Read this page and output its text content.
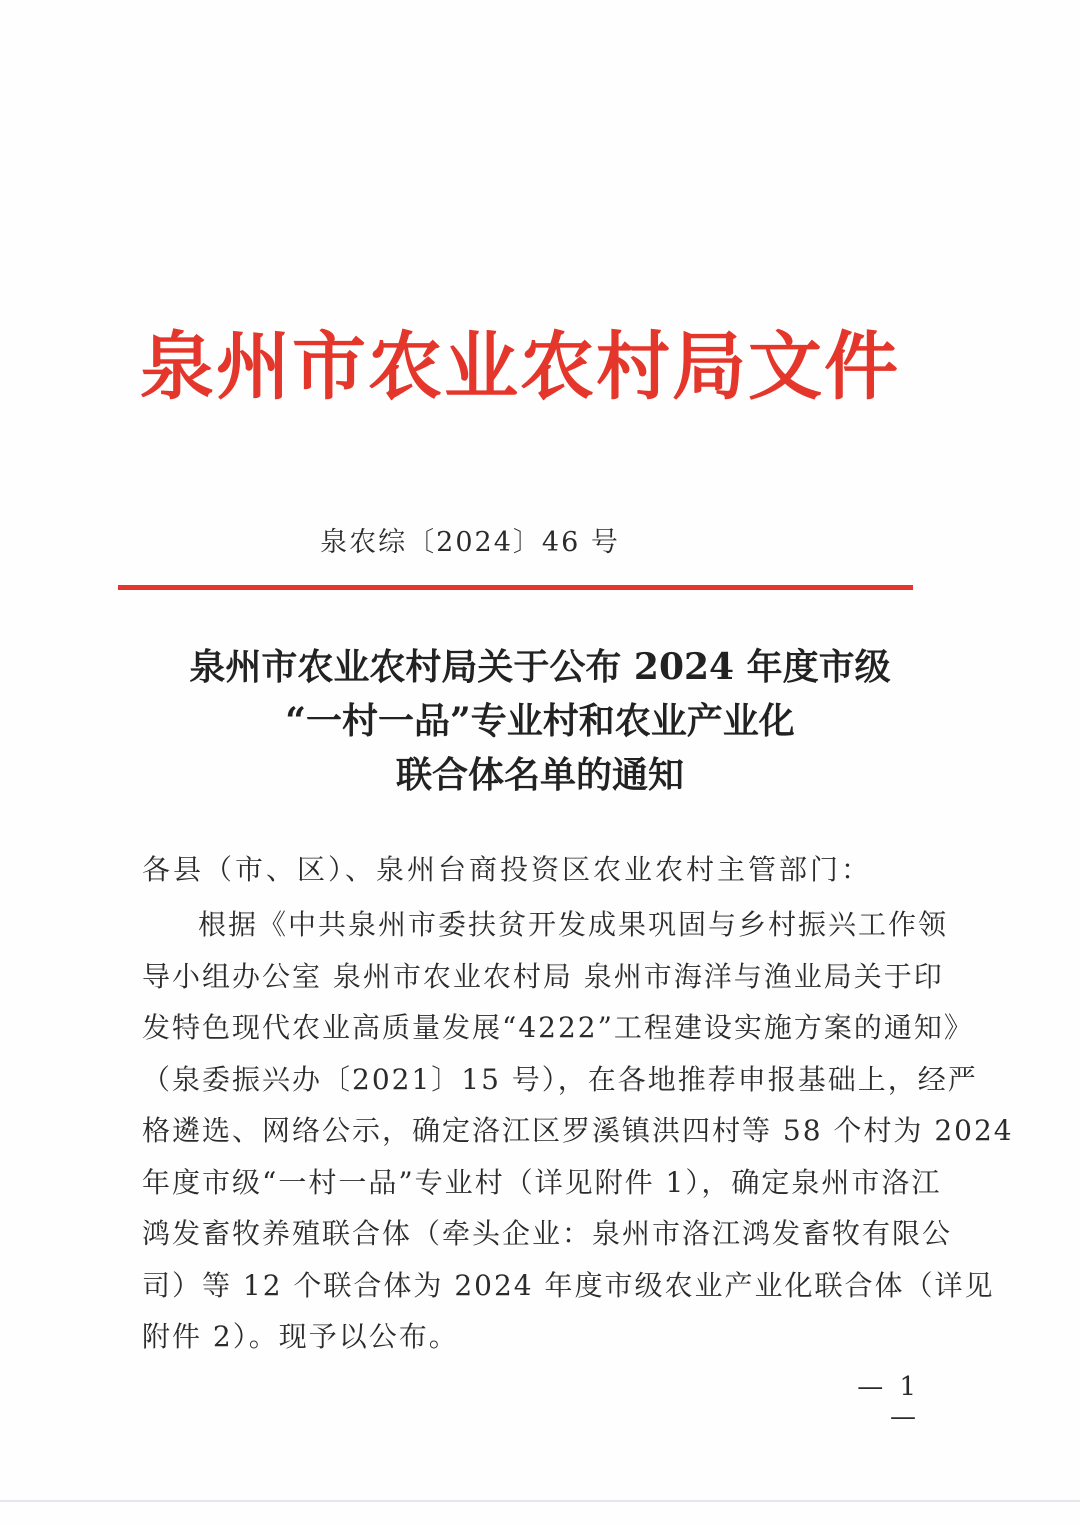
泉州市农业农村局文件
泉农综〔2024〕46 号
泉州市农业农村局关于公布 2024 年度市级
“一村一品”专业村和农业产业化
联合体名单的通知
各县（市、区）、泉州台商投资区农业农村主管部门：
根据《中共泉州市委扶贫开发成果巩固与乡村振兴工作领
导小组办公室 泉州市农业农村局 泉州市海洋与渔业局关于印
发特色现代农业高质量发展“4222”工程建设实施方案的通知》
（泉委振兴办〔2021〕15 号），在各地推荐申报基础上，经严
格遴选、网络公示，确定洛江区罗溪镇洪四村等 58 个村为 2024
年度市级“一村一品”专业村（详见附件 1），确定泉州市洛江
鸿发畜牧养殖联合体（牵头企业：泉州市洛江鸿发畜牧有限公
司）等 12 个联合体为 2024 年度市级农业产业化联合体（详见
附件 2）。现予以公布。
— 1 —
